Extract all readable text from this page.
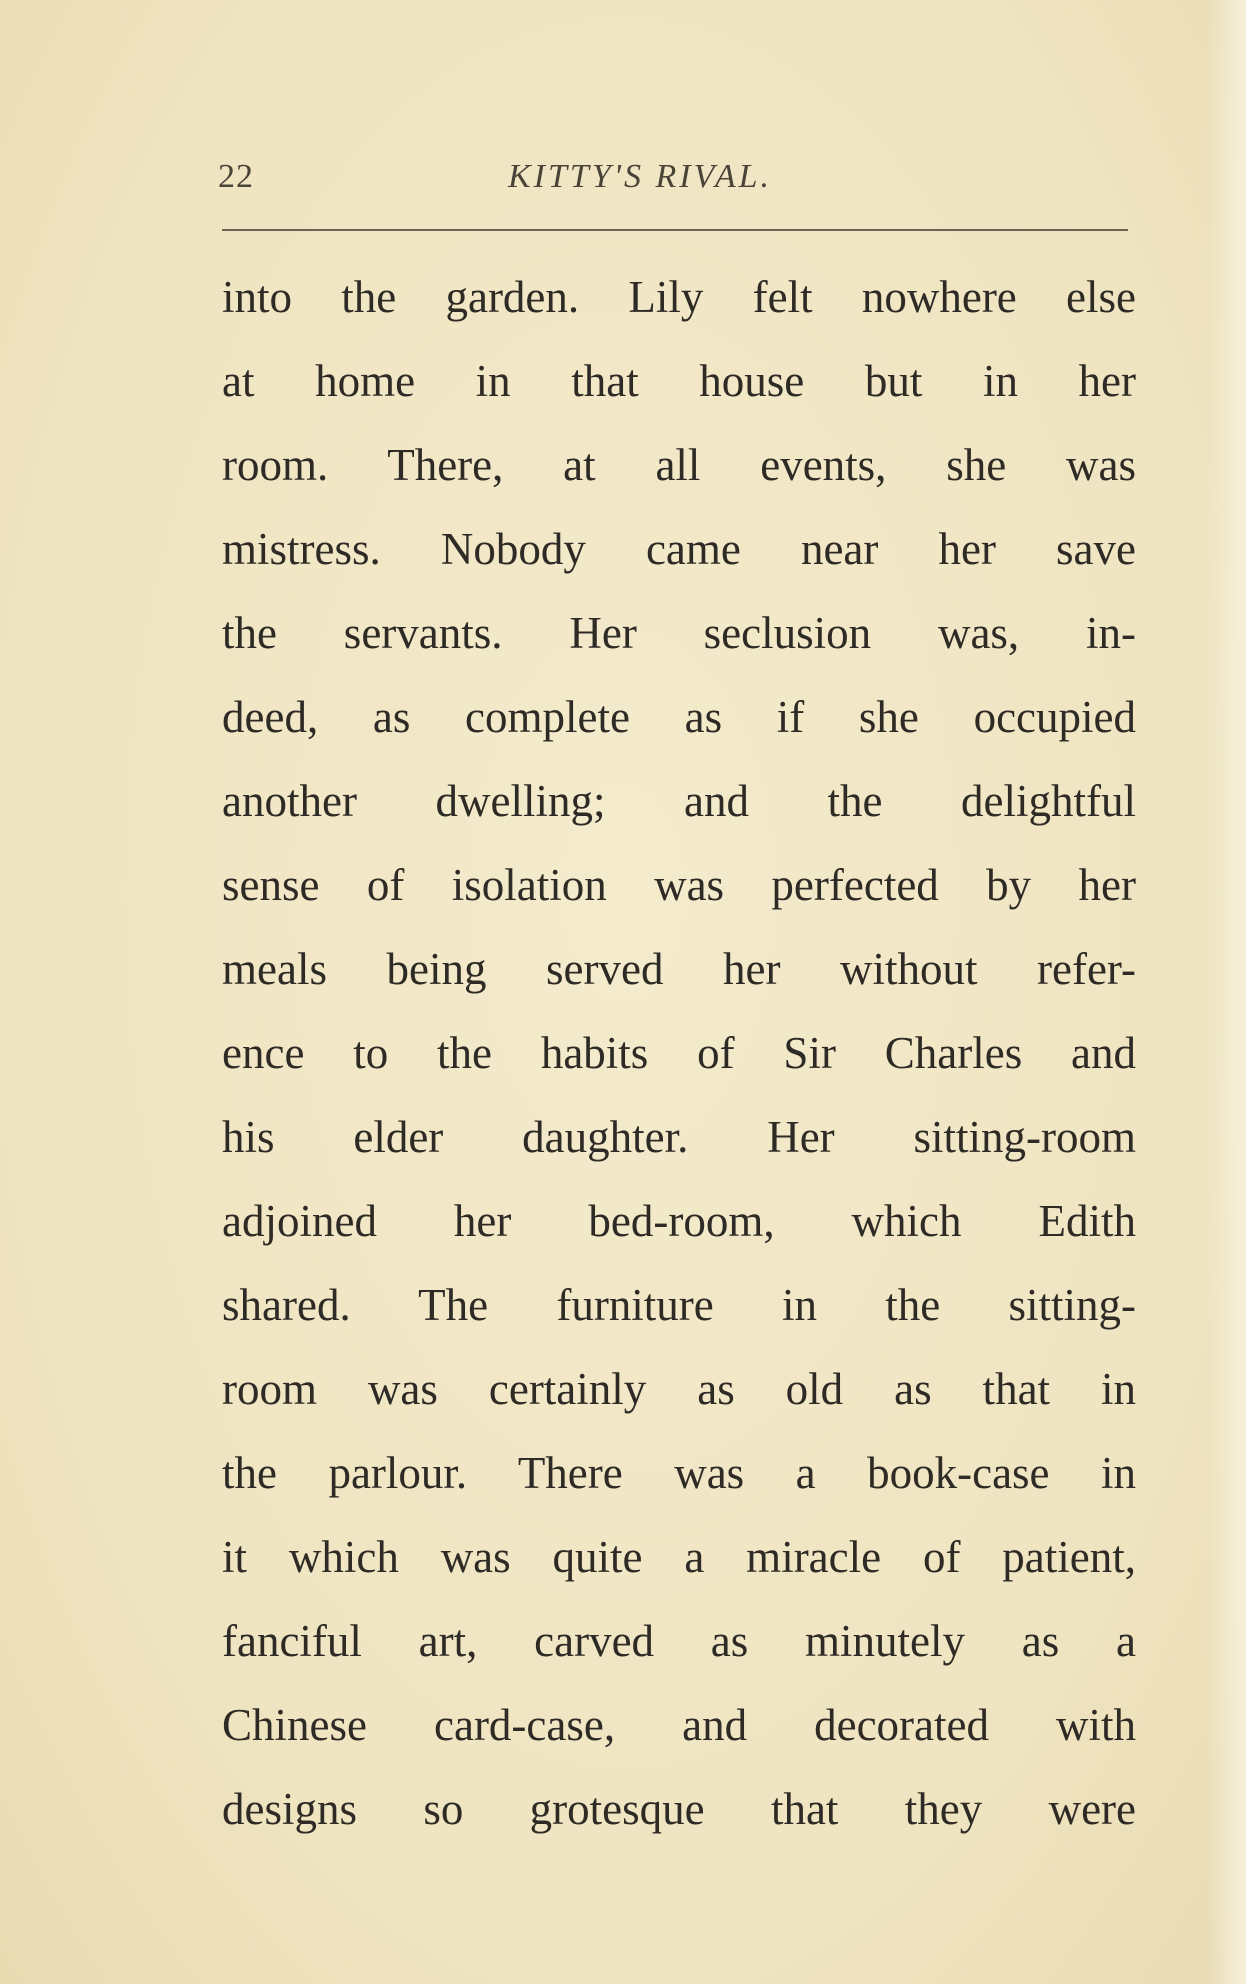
22	KITTY'S RIVAL.
into the garden. Lily felt nowhere else
at home in that house but in her
room. There, at all events, she was
mistress. Nobody came near her save
the servants. Her seclusion was, in-
deed, as complete as if she occupied
another dwelling; and the delightful
sense of isolation was perfected by her
meals being served her without refer-
ence to the habits of Sir Charles and
his elder daughter. Her sitting-room
adjoined her bed-room, which Edith
shared. The furniture in the sitting-
room was certainly as old as that in
the parlour. There was a book-case in
it which was quite a miracle of patient,
fanciful art, carved as minutely as a
Chinese card-case, and decorated with
designs so grotesque that they were
